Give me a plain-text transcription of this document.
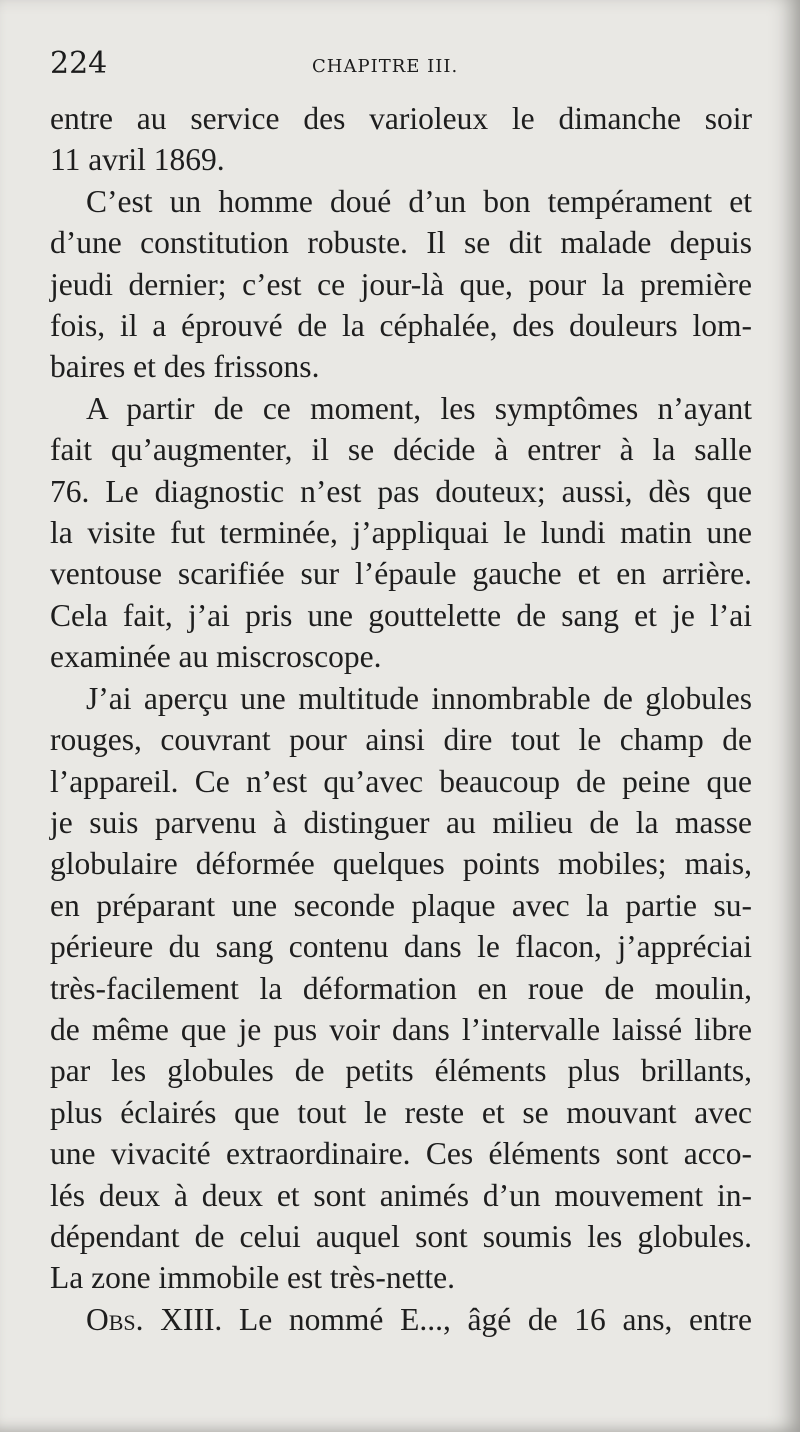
224	CHAPITRE III.
entre au service des varioleux le dimanche soir
11 avril 1869.
C’est un homme doué d’un bon tempérament et
d’une constitution robuste. Il se dit malade depuis
jeudi dernier; c’est ce jour-là que, pour la première
fois, il a éprouvé de la céphalée, des douleurs lom-
baires et des frissons.
A partir de ce moment, les symptômes n’ayant
fait qu’augmenter, il se décide à entrer à la salle
76. Le diagnostic n’est pas douteux; aussi, dès que
la visite fut terminée, j’appliquai le lundi matin une
ventouse scarifiée sur l’épaule gauche et en arrière.
Cela fait, j’ai pris une gouttelette de sang et je l’ai
examinée au miscroscope.
J’ai aperçu une multitude innombrable de globules
rouges, couvrant pour ainsi dire tout le champ de
l’appareil. Ce n’est qu’avec beaucoup de peine que
je suis parvenu à distinguer au milieu de la masse
globulaire déformée quelques points mobiles; mais,
en préparant une seconde plaque avec la partie su-
périeure du sang contenu dans le flacon, j’appréciai
très-facilement la déformation en roue de moulin,
de même que je pus voir dans l’intervalle laissé libre
par les globules de petits éléments plus brillants,
plus éclairés que tout le reste et se mouvant avec
une vivacité extraordinaire. Ces éléments sont acco-
lés deux à deux et sont animés d’un mouvement in-
dépendant de celui auquel sont soumis les globules.
La zone immobile est très-nette.
Obs. XIII. Le nommé E..., âgé de 16 ans, entre
